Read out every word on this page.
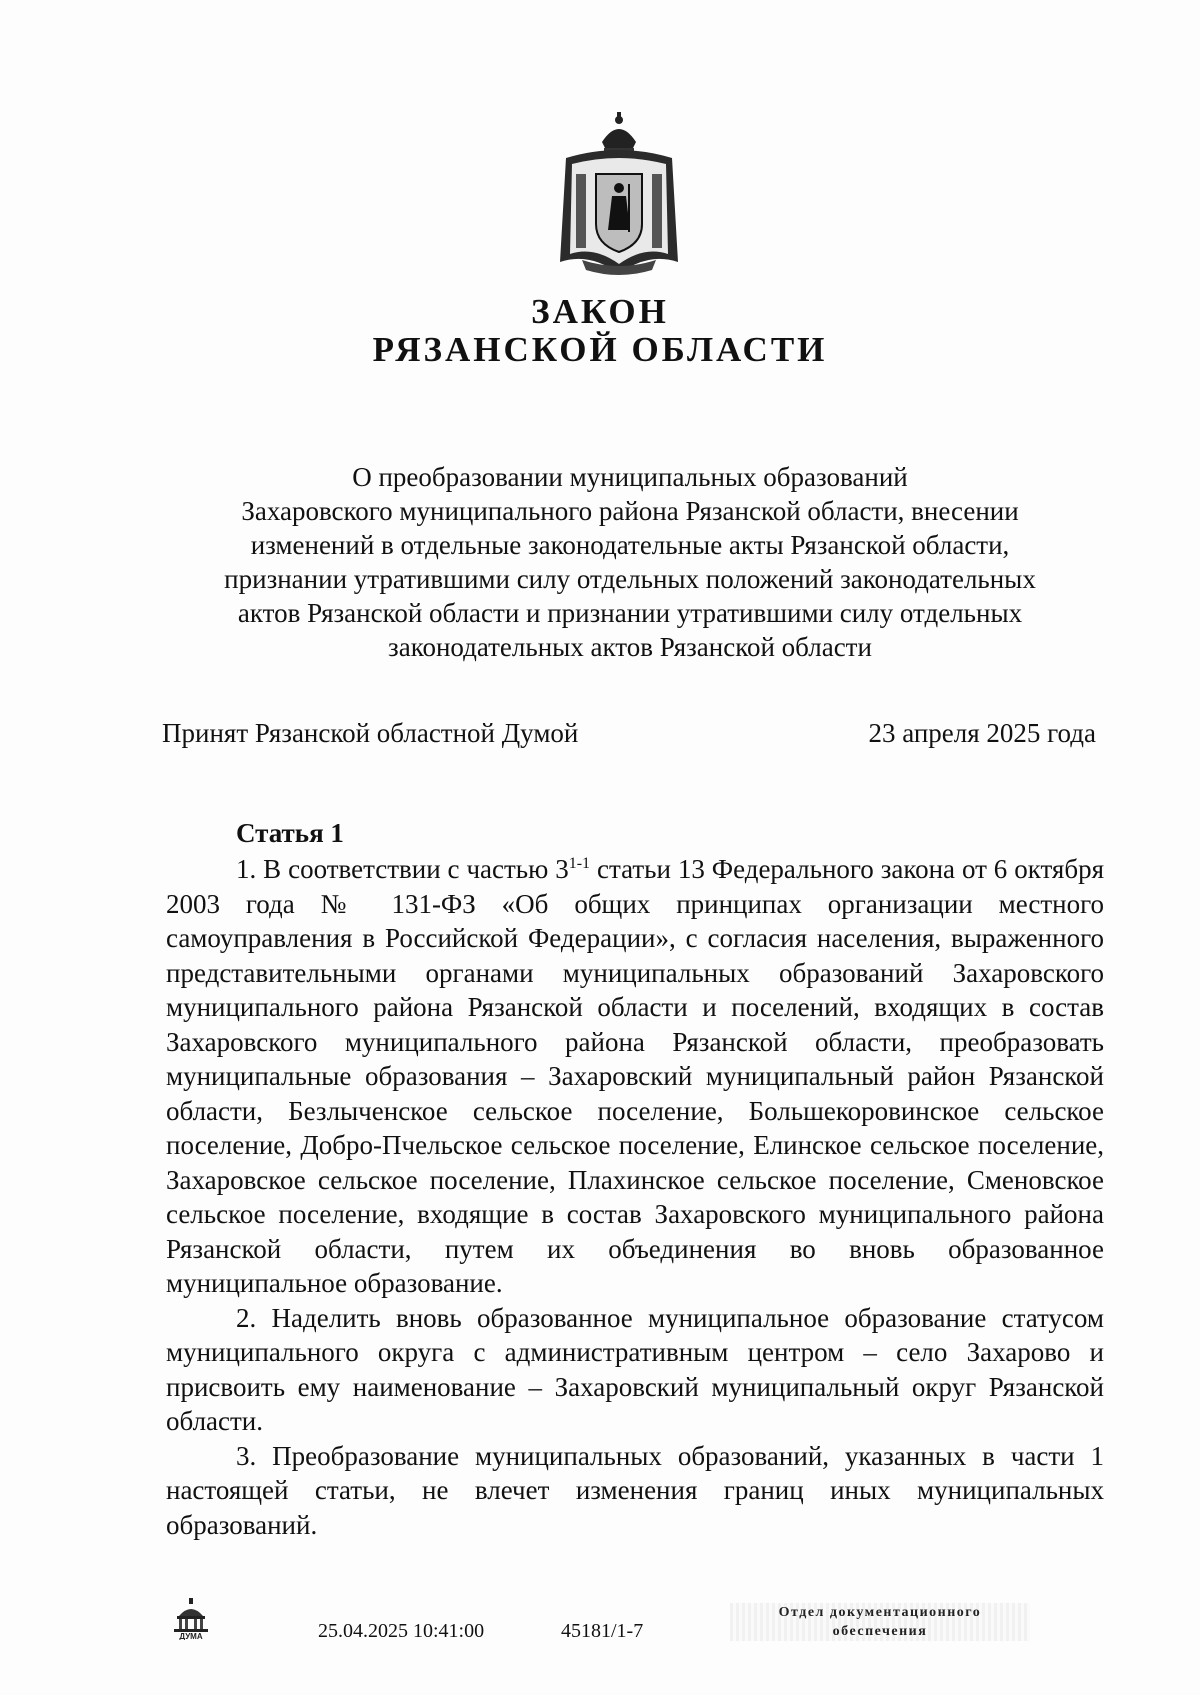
ЗАКОН
РЯЗАНСКОЙ ОБЛАСТИ
О преобразовании муниципальных образований
Захаровского муниципального района Рязанской области, внесении
изменений в отдельные законодательные акты Рязанской области,
признании утратившими силу отдельных положений законодательных
актов Рязанской области и признании утратившими силу отдельных
законодательных актов Рязанской области
Принят Рязанской областной Думой	23 апреля 2025 года
Статья 1

1. В соответствии с частью 3$^{1-1}$ статьи 13 Федерального закона от 6 октября 2003 года № 131-ФЗ «Об общих принципах организации местного самоуправления в Российской Федерации», с согласия населения, выраженного представительными органами муниципальных образований Захаровского муниципального района Рязанской области и поселений, входящих в состав Захаровского муниципального района Рязанской области, преобразовать муниципальные образования – Захаровский муниципальный район Рязанской области, Безлыченское сельское поселение, Большекоровинское сельское поселение, Добро-Пчельское сельское поселение, Елинское сельское поселение, Захаровское сельское поселение, Плахинское сельское поселение, Сменовское сельское поселение, входящие в состав Захаровского муниципального района Рязанской области, путем их объединения во вновь образованное муниципальное образование.

2. Наделить вновь образованное муниципальное образование статусом муниципального округа с административным центром – село Захарово и присвоить ему наименование – Захаровский муниципальный округ Рязанской области.

3. Преобразование муниципальных образований, указанных в части 1 настоящей статьи, не влечет изменения границ иных муниципальных образований.

ДУМА	25.04.2025 10:41:00	45181/1-7
Отдел документационного
обеспечения
